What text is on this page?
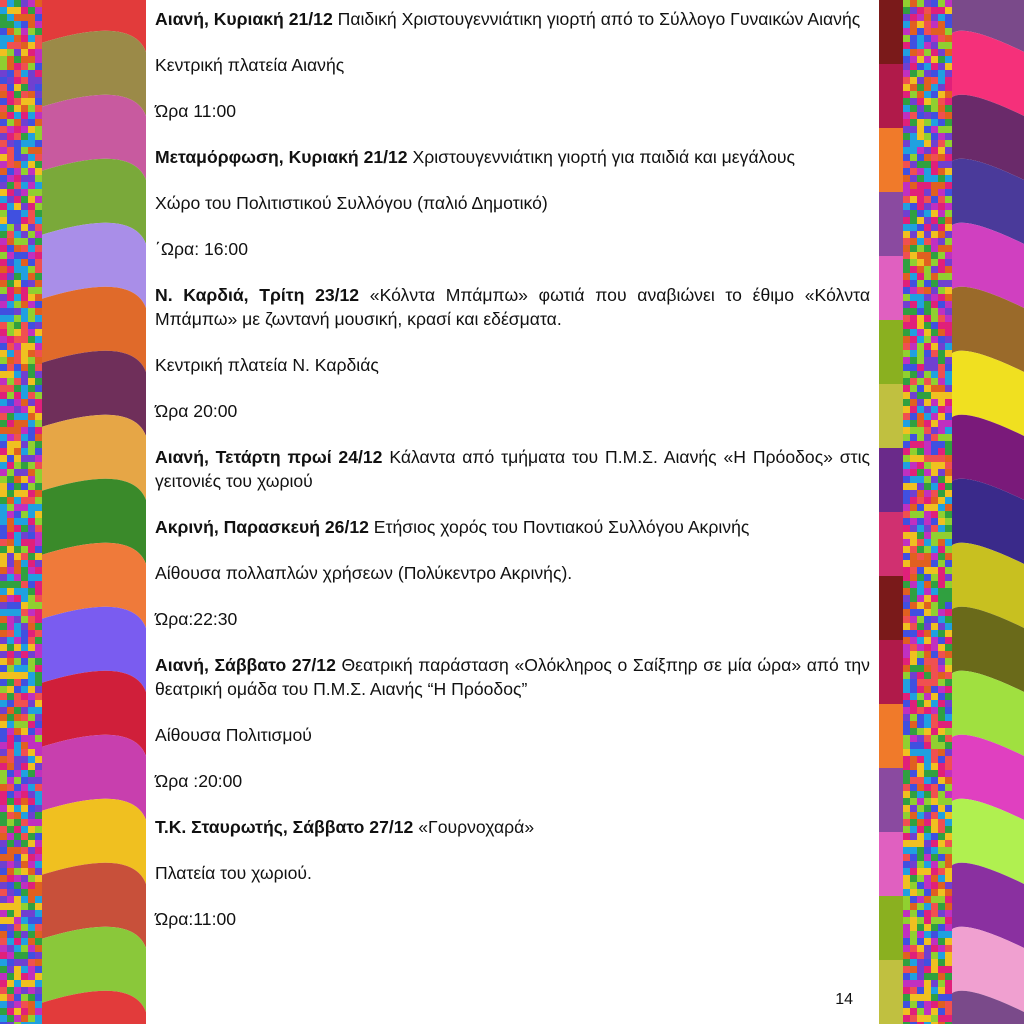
Αιανή, Κυριακή 21/12 Παιδική Χριστουγεννιάτικη γιορτή από το Σύλλογο Γυναικών Αιανής

Κεντρική πλατεία Αιανής

Ώρα 11:00

Μεταμόρφωση, Κυριακή 21/12 Χριστουγεννιάτικη γιορτή για παιδιά και μεγάλους

Χώρο του Πολιτιστικού Συλλόγου (παλιό Δημοτικό)

΄Ωρα: 16:00

Ν. Καρδιά, Τρίτη 23/12 «Κόλντα Μπάμπω» φωτιά που αναβιώνει το έθιμο «Κόλντα Μπάμπω» με ζωντανή μουσική, κρασί και εδέσματα.

Κεντρική πλατεία Ν. Καρδιάς

Ώρα 20:00

Αιανή, Τετάρτη πρωί 24/12 Κάλαντα από τμήματα του Π.Μ.Σ. Αιανής «Η Πρόοδος» στις γειτονιές του χωριού

Ακρινή, Παρασκευή 26/12 Ετήσιος χορός του Ποντιακού Συλλόγου Ακρινής

Αίθουσα πολλαπλών χρήσεων (Πολύκεντρο Ακρινής).

Ώρα:22:30

Αιανή, Σάββατο 27/12 Θεατρική παράσταση «Ολόκληρος ο Σαίξπηρ σε μία ώρα» από την θεατρική ομάδα του Π.Μ.Σ. Αιανής “Η Πρόοδος”

Αίθουσα Πολιτισμού

Ώρα :20:00

Τ.Κ. Σταυρωτής, Σάββατο 27/12 «Γουρνοχαρά»

Πλατεία του χωριού.

Ώρα:11:00

14
